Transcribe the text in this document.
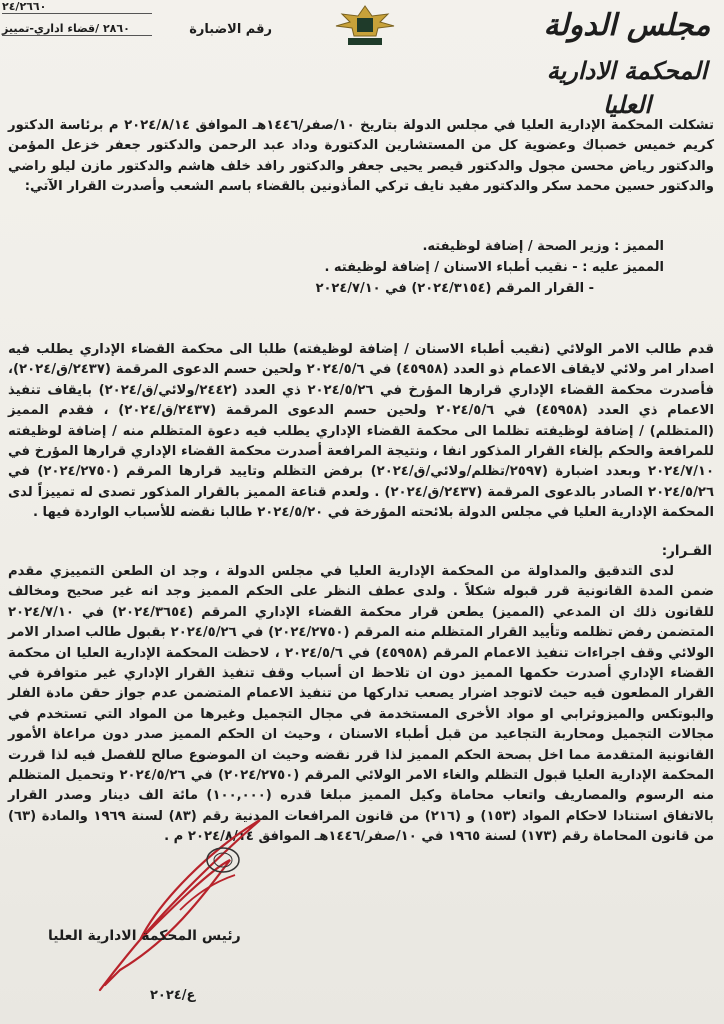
مجلس الدولة
المحكمة الادارية العليا
٢٤/٢٦٦٠
رقم الاضبارة
٢٨٦٠ /قضاء اداري-تمييز
تشكلت المحكمة الإدارية العليا في مجلس الدولة بتاريخ ١٠/صفر/١٤٤٦هـ الموافق ٢٠٢٤/٨/١٤ م برئاسة الدكتور كريم خميس خصباك وعضوية كل من المستشارين الدكتورة وداد عبد الرحمن والدكتور جعفر خزعل المؤمن والدكتور رياض محسن مجول والدكتور قيصر يحيى جعفر والدكتور رافد خلف هاشم والدكتور مازن ليلو راضي والدكتور حسين محمد سكر والدكتور مفيد نايف تركي المأذونين بالقضاء باسم الشعب وأصدرت القرار الآتي:
المميز : وزير الصحة / إضافة لوظيفته.
المميز عليه : - نقيب أطباء الاسنان / إضافة لوظيفته .
- القرار المرقم (٢٠٢٤/٣١٥٤) في ٢٠٢٤/٧/١٠
قدم طالب الامر الولائي (نقيب أطباء الاسنان / إضافة لوظيفته) طلبا الى محكمة القضاء الإداري يطلب فيه اصدار امر ولائي لايقاف الاعمام ذو العدد (٤٥٩٥٨) في ٢٠٢٤/٥/٦ ولحين حسم الدعوى المرقمة (٢٤٣٧/ق/٢٠٢٤)، فأصدرت محكمة القضاء الإداري قرارها المؤرخ في ٢٠٢٤/٥/٢٦ ذي العدد (٢٤٤٢/ولائي/ق/٢٠٢٤) بايقاف تنفيذ الاعمام ذي العدد (٤٥٩٥٨) في ٢٠٢٤/٥/٦ ولحين حسم الدعوى المرقمة (٢٤٣٧/ق/٢٠٢٤) ، فقدم المميز (المتظلم) / إضافة لوظيفته تظلما الى محكمة القضاء الإداري يطلب فيه دعوة المتظلم منه / إضافة لوظيفته للمرافعة والحكم بإلغاء القرار المذكور انفا ، ونتيجة المرافعة أصدرت محكمة القضاء الإداري قرارها المؤرخ في ٢٠٢٤/٧/١٠ وبعدد اضبارة (٢٥٩٧/تظلم/ولائي/ق/٢٠٢٤) برفض التظلم وتاييد قرارها المرقم (٢٠٢٤/٢٧٥٠) في ٢٠٢٤/٥/٢٦ الصادر بالدعوى المرقمة (٢٤٣٧/ق/٢٠٢٤) . ولعدم قناعة المميز بالقرار المذكور تصدى له تمييزاً لدى المحكمة الإدارية العليا في مجلس الدولة بلائحته المؤرخة في ٢٠٢٤/٥/٢٠ طالبا نقضه للأسباب الواردة فيها .
القـرار:
لدى التدقيق والمداولة من المحكمة الإدارية العليا في مجلس الدولة ، وجد ان الطعن التمييزي مقدم ضمن المدة القانونية قرر قبوله شكلاً . ولدى عطف النظر على الحكم المميز وجد انه غير صحيح ومخالف للقانون ذلك ان المدعي (المميز) يطعن قرار محكمة القضاء الإداري المرقم (٢٠٢٤/٣٦٥٤) في ٢٠٢٤/٧/١٠ المتضمن رفض تظلمه وتأييد القرار المتظلم منه المرقم (٢٠٢٤/٢٧٥٠) في ٢٠٢٤/٥/٢٦ بقبول طالب اصدار الامر الولائي وقف اجراءات تنفيذ الاعمام المرقم (٤٥٩٥٨) في ٢٠٢٤/٥/٦ ، لاحظت المحكمة الإدارية العليا ان محكمة القضاء الإداري أصدرت حكمها المميز دون ان تلاحظ ان أسباب وقف تنفيذ القرار الإداري غير متوافرة في القرار المطعون فيه حيث لاتوجد اضرار يصعب تداركها من تنفيذ الاعمام المتضمن عدم جواز حقن مادة الفلر والبوتكس والميزوثرابي او مواد الأخرى المستخدمة في مجال التجميل وغيرها من المواد التي تستخدم في مجالات التجميل ومحاربة التجاعيد من قبل أطباء الاسنان ، وحيث ان الحكم المميز صدر دون مراعاة الأمور القانونية المتقدمة مما اخل بصحة الحكم المميز لذا قرر نقضه وحيث ان الموضوع صالح للفصل فيه لذا قررت المحكمة الإدارية العليا قبول التظلم والغاء الامر الولائي المرقم (٢٠٢٤/٢٧٥٠) في ٢٠٢٤/٥/٢٦ وتحميل المتظلم منه الرسوم والمصاريف واتعاب محاماة وكيل المميز مبلغا قدره (١٠٠,٠٠٠) مائة الف دينار وصدر القرار بالاتفاق استنادا لاحكام المواد (١٥٣) و (٢١٦) من قانون المرافعات المدنية رقم (٨٣) لسنة ١٩٦٩ والمادة (٦٣) من قانون المحاماة رقم (١٧٣) لسنة ١٩٦٥ في ١٠/صفر/١٤٤٦هـ الموافق ٢٠٢٤/٨/١٤ م .
رئيس المحكمة الادارية العليا
ع/٢٠٢٤
